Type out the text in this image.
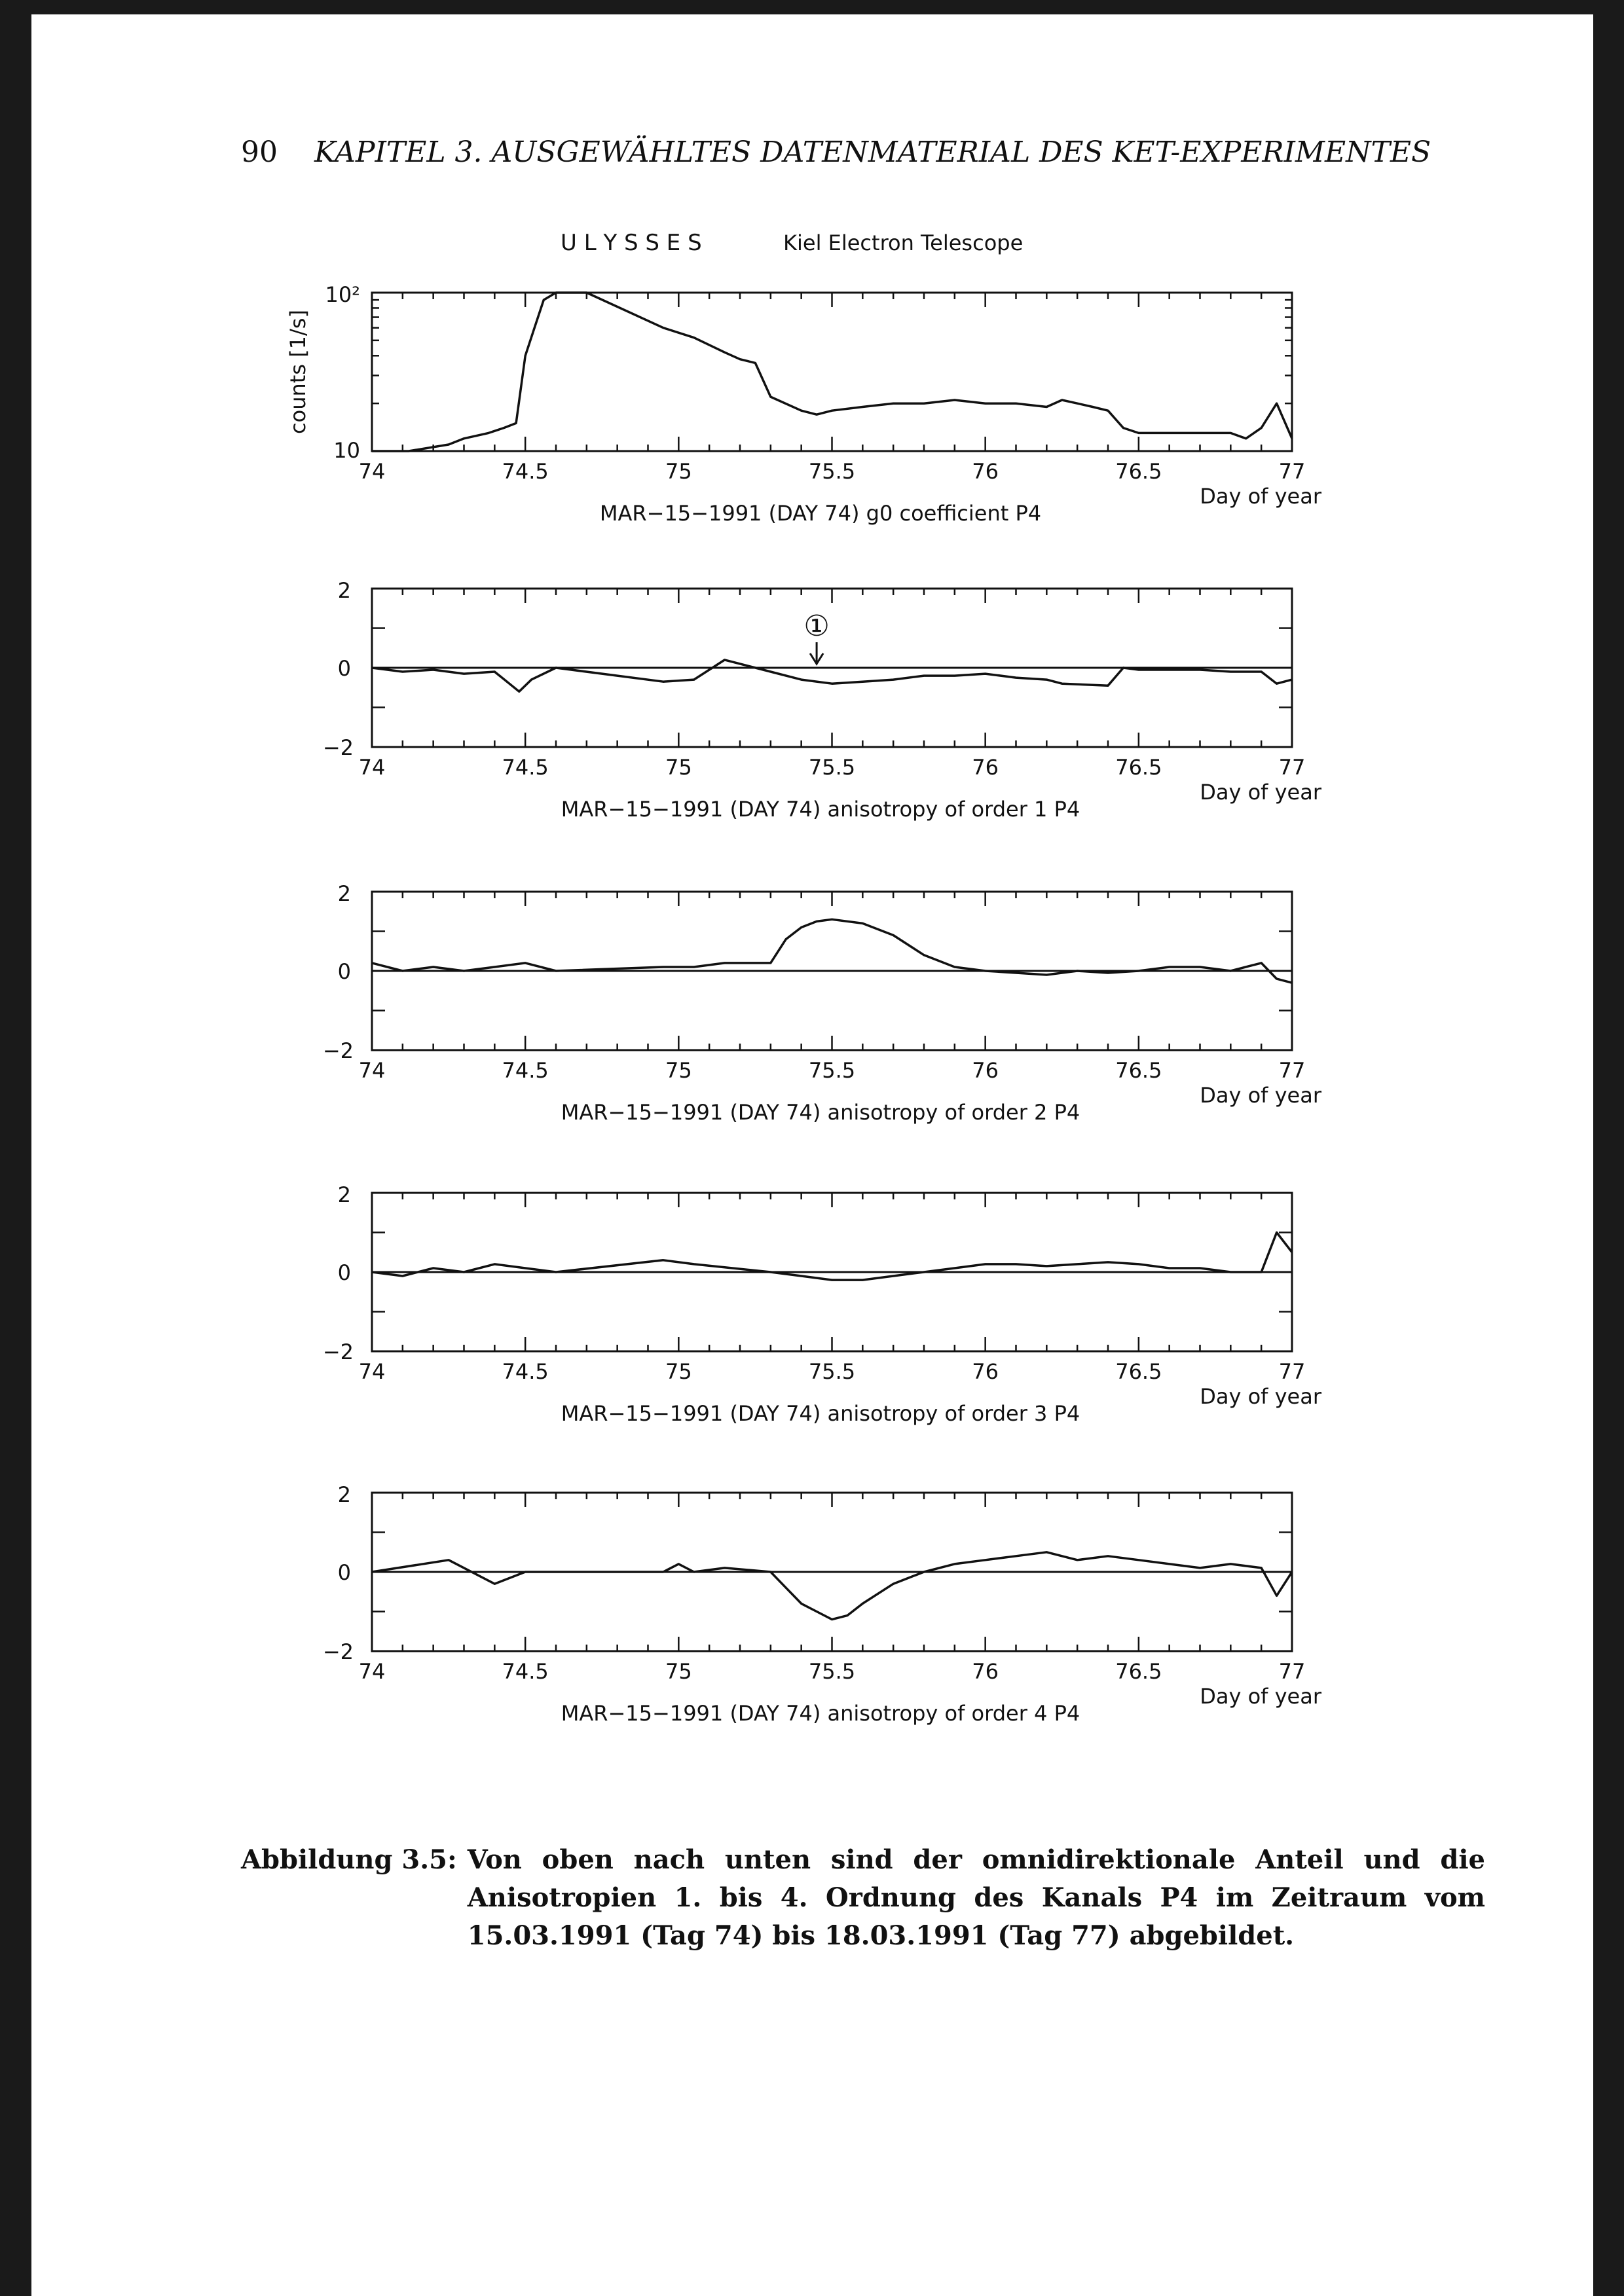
90 KAPITEL 3. AUSGEWÄHLTES DATENMATERIAL DES KET-EXPERIMENTES
U L Y S S E S	Kiel Electron Telescope
74	74.5	75	75.5	76	76.5	77
10
10²
counts [1/s]
Day of year
MAR−15−1991 (DAY 74) g0 coefficient P4
74	74.5	75	75.5	76	76.5	77
2
0
−2
①
Day of year
MAR−15−1991 (DAY 74) anisotropy of order 1 P4
74	74.5	75	75.5	76	76.5	77
2
0
−2
Day of year
MAR−15−1991 (DAY 74) anisotropy of order 2 P4
74	74.5	75	75.5	76	76.5	77
2
0
−2
Day of year
MAR−15−1991 (DAY 74) anisotropy of order 3 P4
74	74.5	75	75.5	76	76.5	77
2
0
−2
Day of year
MAR−15−1991 (DAY 74) anisotropy of order 4 P4
Abbildung 3.5: Von oben nach unten sind der omnidirektionale Anteil und die Anisotropien 1. bis 4. Ordnung des Kanals P4 im Zeitraum vom 15.03.1991 (Tag 74) bis 18.03.1991 (Tag 77) abgebildet.
